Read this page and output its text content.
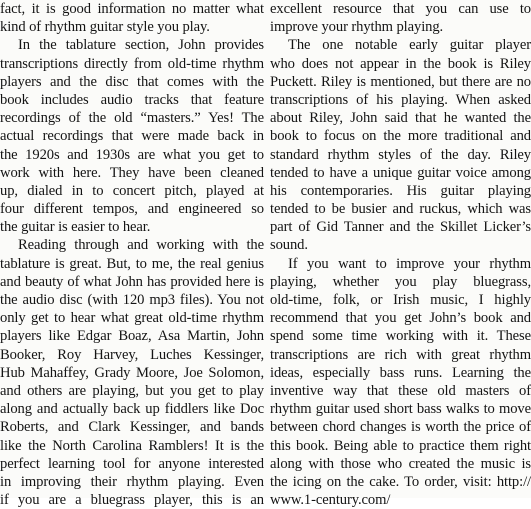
fact, it is good information no matter what
kind of rhythm guitar style you play.
In the tablature section, John provides
transcriptions directly from old-time rhythm
players and the disc that comes with the
book includes audio tracks that feature
recordings of the old “masters.” Yes! The
actual recordings that were made back in
the 1920s and 1930s are what you get to
work with here. They have been cleaned
up, dialed in to concert pitch, played at
four different tempos, and engineered so
the guitar is easier to hear.
Reading through and working with the
tablature is great. But, to me, the real genius
and beauty of what John has provided here is
the audio disc (with 120 mp3 files). You not
only get to hear what great old-time rhythm
players like Edgar Boaz, Asa Martin, John
Booker, Roy Harvey, Luches Kessinger,
Hub Mahaffey, Grady Moore, Joe Solomon,
and others are playing, but you get to play
along and actually back up fiddlers like Doc
Roberts, and Clark Kessinger, and bands
like the North Carolina Ramblers! It is the
perfect learning tool for anyone interested
in improving their rhythm playing. Even
if you are a bluegrass player, this is an
excellent resource that you can use to
improve your rhythm playing.
The one notable early guitar player
who does not appear in the book is Riley
Puckett. Riley is mentioned, but there are no
transcriptions of his playing. When asked
about Riley, John said that he wanted the
book to focus on the more traditional and
standard rhythm styles of the day. Riley
tended to have a unique guitar voice among
his contemporaries. His guitar playing
tended to be busier and ruckus, which was
part of Gid Tanner and the Skillet Licker’s
sound.
If you want to improve your rhythm
playing, whether you play bluegrass,
old-time, folk, or Irish music, I highly
recommend that you get John’s book and
spend some time working with it. These
transcriptions are rich with great rhythm
ideas, especially bass runs. Learning the
inventive way that these old masters of
rhythm guitar used short bass walks to move
between chord changes is worth the price of
this book. Being able to practice them right
along with those who created the music is
the icing on the cake. To order, visit: http://
www.1-century.com/
